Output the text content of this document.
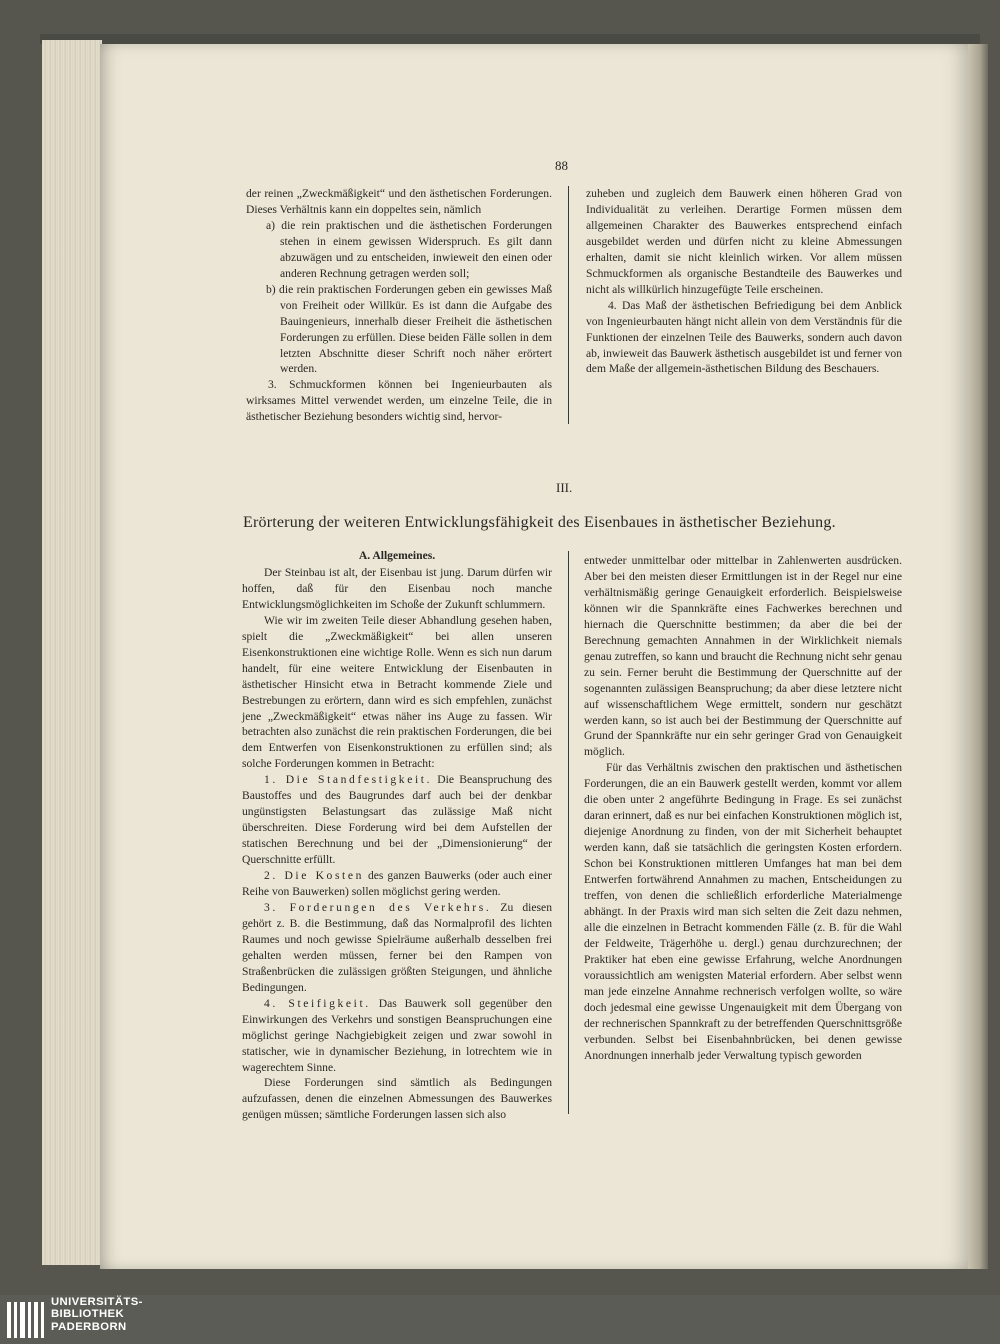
88

der reinen „Zweckmäßigkeit“ und den ästhetischen Forderungen. Dieses Verhältnis kann ein doppeltes sein, nämlich

a) die rein praktischen und die ästhetischen Forderungen stehen in einem gewissen Widerspruch. Es gilt dann abzuwägen und zu entscheiden, inwieweit den einen oder anderen Rechnung getragen werden soll;

b) die rein praktischen Forderungen geben ein gewisses Maß von Freiheit oder Willkür. Es ist dann die Aufgabe des Bauingenieurs, innerhalb dieser Freiheit die ästhetischen Forderungen zu erfüllen. Diese beiden Fälle sollen in dem letzten Abschnitte dieser Schrift noch näher erörtert werden.

3. Schmuckformen können bei Ingenieurbauten als wirksames Mittel verwendet werden, um einzelne Teile, die in ästhetischer Beziehung besonders wichtig sind, hervor-

zuheben und zugleich dem Bauwerk einen höheren Grad von Individualität zu verleihen. Derartige Formen müssen dem allgemeinen Charakter des Bauwerkes entsprechend einfach ausgebildet werden und dürfen nicht zu kleine Abmessungen erhalten, damit sie nicht kleinlich wirken. Vor allem müssen Schmuckformen als organische Bestandteile des Bauwerkes und nicht als willkürlich hinzugefügte Teile erscheinen.

4. Das Maß der ästhetischen Befriedigung bei dem Anblick von Ingenieurbauten hängt nicht allein von dem Verständnis für die Funktionen der einzelnen Teile des Bauwerks, sondern auch davon ab, inwieweit das Bauwerk ästhetisch ausgebildet ist und ferner von dem Maße der allgemein-ästhetischen Bildung des Beschauers.

III.
Erörterung der weiteren Entwicklungsfähigkeit des Eisenbaues in ästhetischer Beziehung.

A. Allgemeines.

Der Steinbau ist alt, der Eisenbau ist jung. Darum dürfen wir hoffen, daß für den Eisenbau noch manche Entwicklungsmöglichkeiten im Schoße der Zukunft schlummern.

Wie wir im zweiten Teile dieser Abhandlung gesehen haben, spielt die „Zweckmäßigkeit“ bei allen unseren Eisenkonstruktionen eine wichtige Rolle. Wenn es sich nun darum handelt, für eine weitere Entwicklung der Eisenbauten in ästhetischer Hinsicht etwa in Betracht kommende Ziele und Bestrebungen zu erörtern, dann wird es sich empfehlen, zunächst jene „Zweckmäßigkeit“ etwas näher ins Auge zu fassen. Wir betrachten also zunächst die rein praktischen Forderungen, die bei dem Entwerfen von Eisenkonstruktionen zu erfüllen sind; als solche Forderungen kommen in Betracht:

1. Die Standfestigkeit. Die Beanspruchung des Baustoffes und des Baugrundes darf auch bei der denkbar ungünstigsten Belastungsart das zulässige Maß nicht überschreiten. Diese Forderung wird bei dem Aufstellen der statischen Berechnung und bei der „Dimensionierung“ der Querschnitte erfüllt.

2. Die Kosten des ganzen Bauwerks (oder auch einer Reihe von Bauwerken) sollen möglichst gering werden.

3. Forderungen des Verkehrs. Zu diesen gehört z. B. die Bestimmung, daß das Normalprofil des lichten Raumes und noch gewisse Spielräume außerhalb desselben frei gehalten werden müssen, ferner bei den Rampen von Straßenbrücken die zulässigen größten Steigungen, und ähnliche Bedingungen.

4. Steifigkeit. Das Bauwerk soll gegenüber den Einwirkungen des Verkehrs und sonstigen Beanspruchungen eine möglichst geringe Nachgiebigkeit zeigen und zwar sowohl in statischer, wie in dynamischer Beziehung, in lotrechtem wie in wagerechtem Sinne.

Diese Forderungen sind sämtlich als Bedingungen aufzufassen, denen die einzelnen Abmessungen des Bauwerkes genügen müssen; sämtliche Forderungen lassen sich also

entweder unmittelbar oder mittelbar in Zahlenwerten ausdrücken. Aber bei den meisten dieser Ermittlungen ist in der Regel nur eine verhältnismäßig geringe Genauigkeit erforderlich. Beispielsweise können wir die Spannkräfte eines Fachwerkes berechnen und hiernach die Querschnitte bestimmen; da aber die bei der Berechnung gemachten Annahmen in der Wirklichkeit niemals genau zutreffen, so kann und braucht die Rechnung nicht sehr genau zu sein. Ferner beruht die Bestimmung der Querschnitte auf der sogenannten zulässigen Beanspruchung; da aber diese letztere nicht auf wissenschaftlichem Wege ermittelt, sondern nur geschätzt werden kann, so ist auch bei der Bestimmung der Querschnitte auf Grund der Spannkräfte nur ein sehr geringer Grad von Genauigkeit möglich.

Für das Verhältnis zwischen den praktischen und ästhetischen Forderungen, die an ein Bauwerk gestellt werden, kommt vor allem die oben unter 2 angeführte Bedingung in Frage. Es sei zunächst daran erinnert, daß es nur bei einfachen Konstruktionen möglich ist, diejenige Anordnung zu finden, von der mit Sicherheit behauptet werden kann, daß sie tatsächlich die geringsten Kosten erfordern. Schon bei Konstruktionen mittleren Umfanges hat man bei dem Entwerfen fortwährend Annahmen zu machen, Entscheidungen zu treffen, von denen die schließlich erforderliche Materialmenge abhängt. In der Praxis wird man sich selten die Zeit dazu nehmen, alle die einzelnen in Betracht kommenden Fälle (z. B. für die Wahl der Feldweite, Trägerhöhe u. dergl.) genau durchzurechnen; der Praktiker hat eben eine gewisse Erfahrung, welche Anordnungen voraussichtlich am wenigsten Material erfordern. Aber selbst wenn man jede einzelne Annahme rechnerisch verfolgen wollte, so wäre doch jedesmal eine gewisse Ungenauigkeit mit dem Übergang von der rechnerischen Spannkraft zu der betreffenden Querschnittsgröße verbunden. Selbst bei Eisenbahnbrücken, bei denen gewisse Anordnungen innerhalb jeder Verwaltung typisch geworden

UNIVERSITÄTS-
BIBLIOTHEK
PADERBORN
